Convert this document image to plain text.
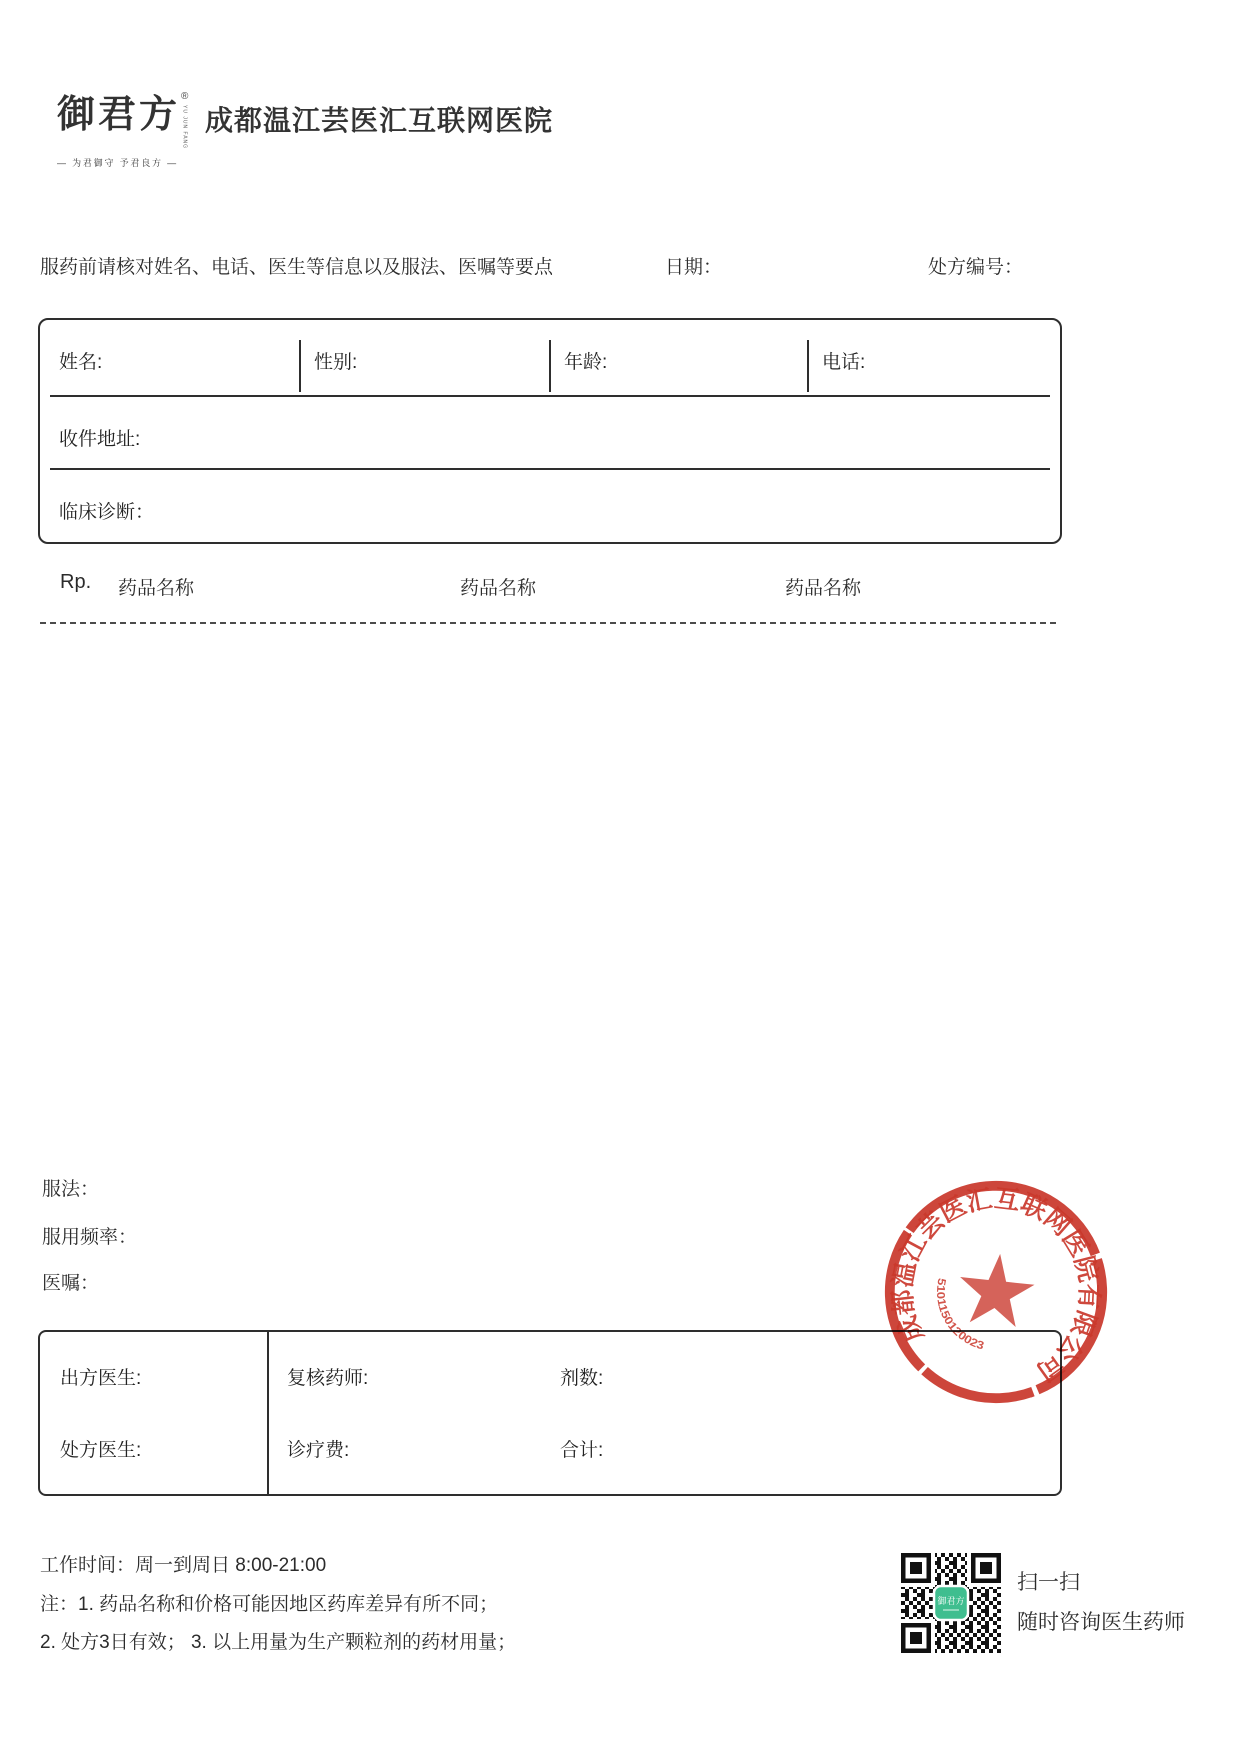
御君方 ®
YU JUN FANG
— 为君御守 予君良方 —
成都温江芸医汇互联网医院
服药前请核对姓名、电话、医生等信息以及服法、医嘱等要点	日期：	处方编号：
姓名:	性别:	年龄:	电话:
收件地址:
临床诊断：
Rp. 药品名称	药品名称	药品名称
服法：
服用频率：
医嘱：
出方医生:	复核药师:	剂数:
处方医生:	诊疗费:	合计:
成都温江芸医汇互联网医院有限公司
5101150120023
工作时间：周一到周日 8:00-21:00
注：1. 药品名称和价格可能因地区药库差异有所不同；
2. 处方3日有效； 3. 以上用量为生产颗粒剂的药材用量；
御君方
扫一扫
随时咨询医生药师
